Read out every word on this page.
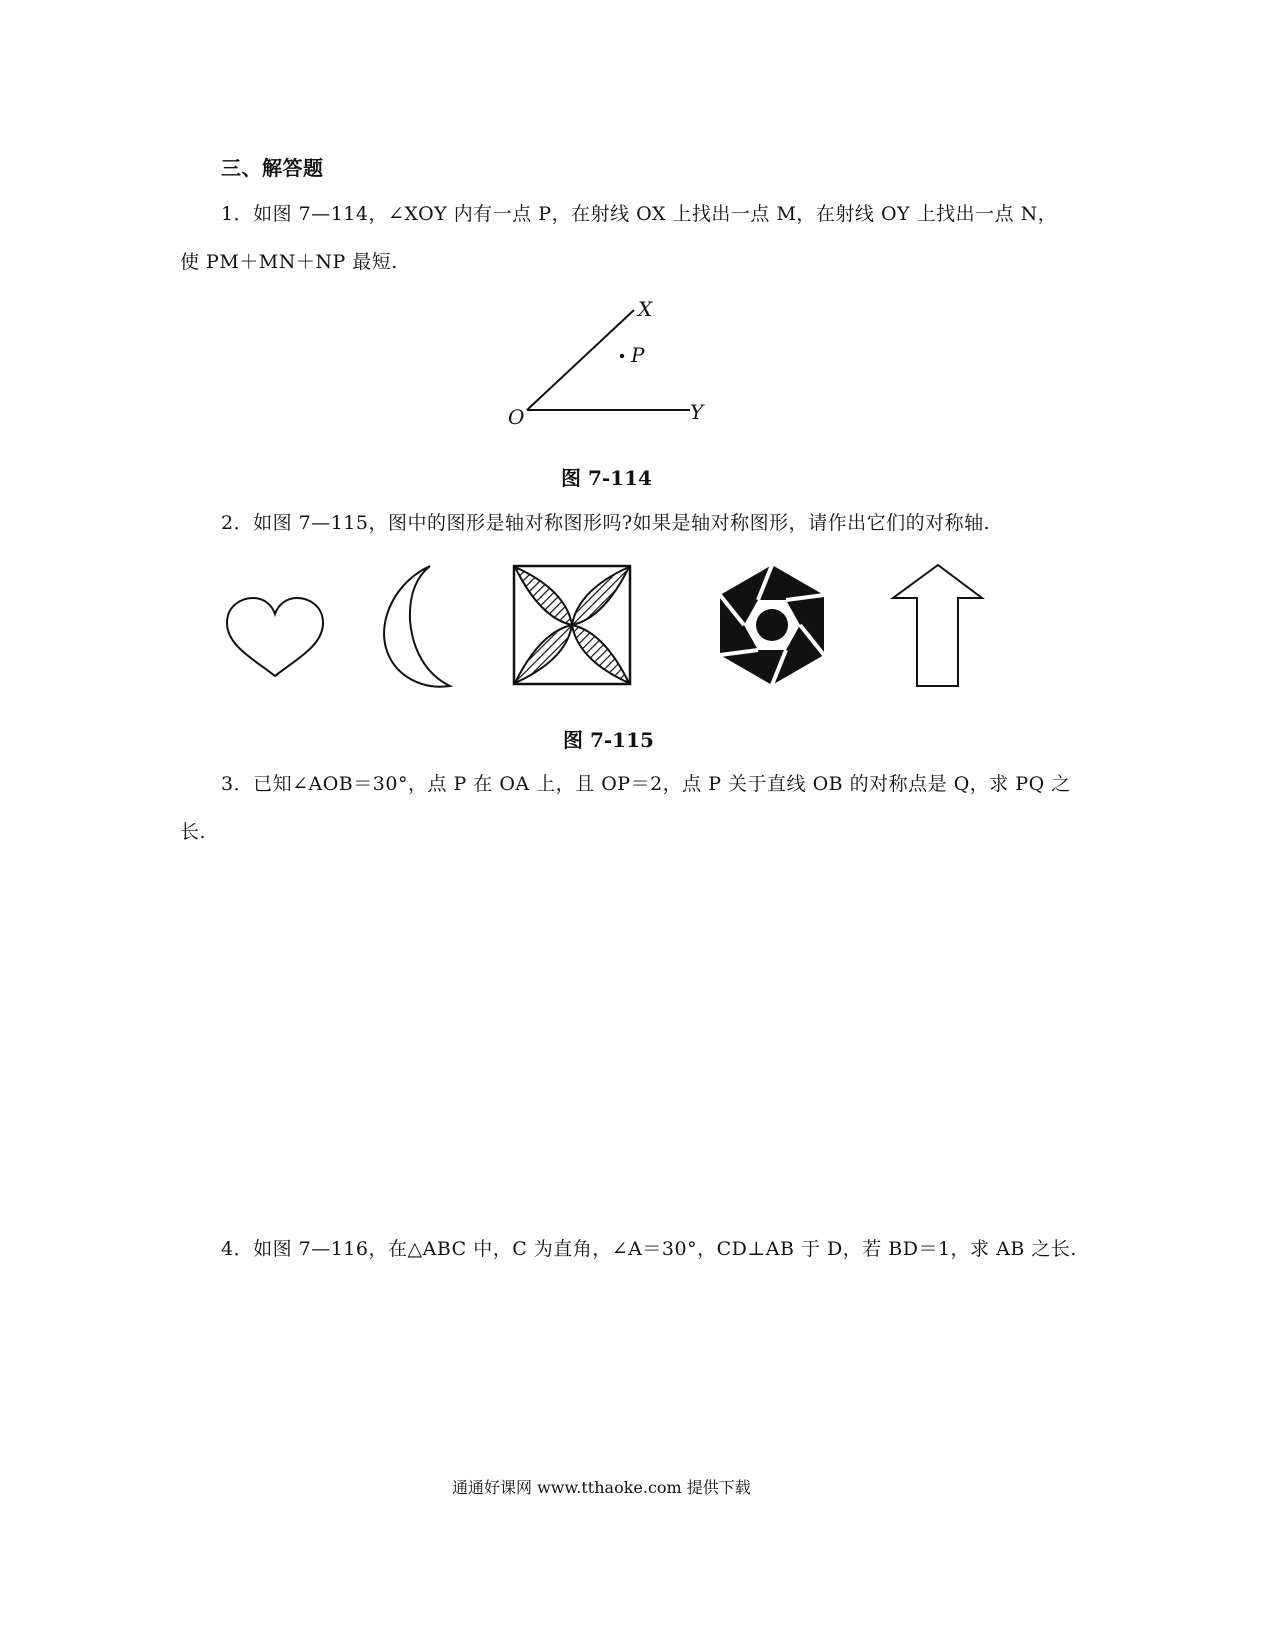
三、解答题
1．如图 7—114，∠XOY 内有一点 P，在射线 OX 上找出一点 M，在射线 OY 上找出一点 N，
使 PM＋MN＋NP 最短.
X
P
O	Y
图 7-114
2．如图 7—115，图中的图形是轴对称图形吗?如果是轴对称图形，请作出它们的对称轴.
图 7-115
3．已知∠AOB＝30°，点 P 在 OA 上，且 OP＝2，点 P 关于直线 OB 的对称点是 Q，求 PQ 之
长.
4．如图 7—116，在△ABC 中，C 为直角，∠A＝30°，CD⊥AB 于 D，若 BD＝1，求 AB 之长.
通通好课网 www.tthaoke.com 提供下载
